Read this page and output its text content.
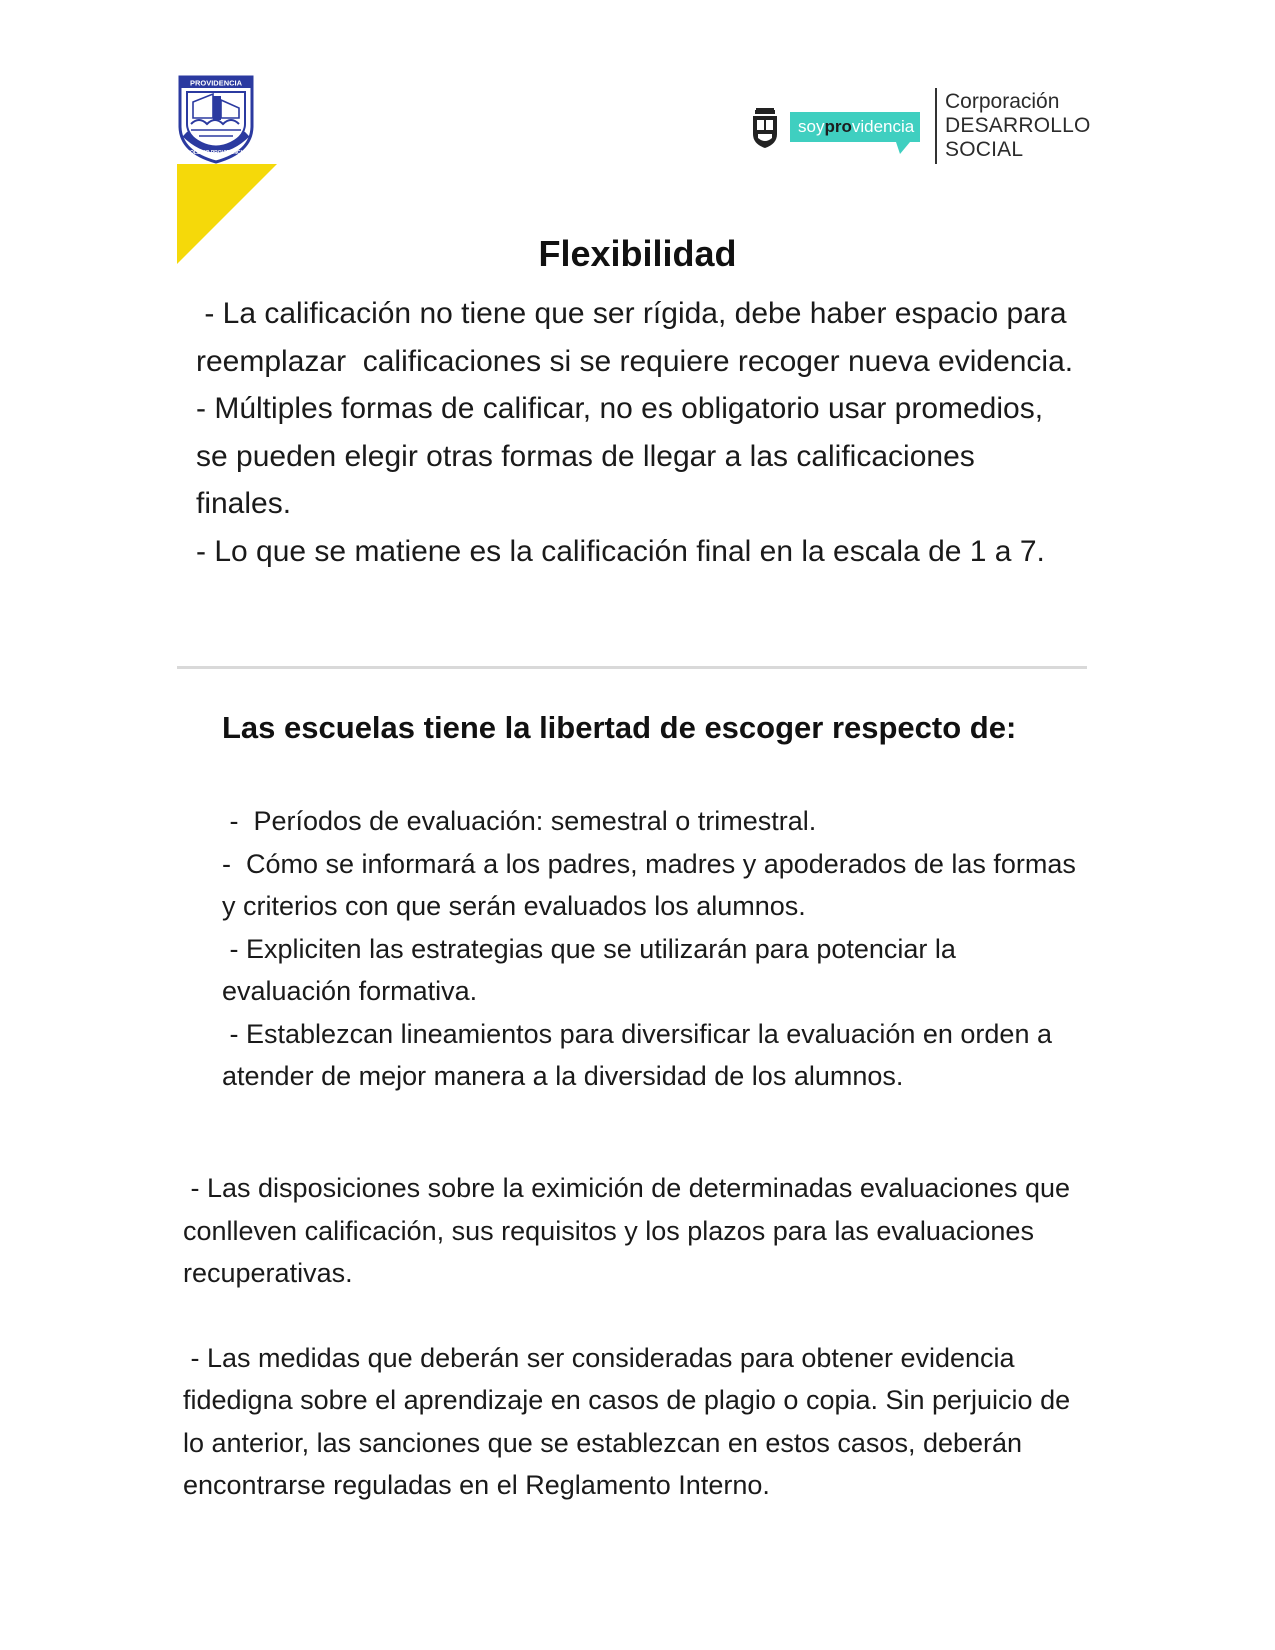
PROVIDENCIA
COLEGIO PROVIDENCIA
soyprovidencia
Corporación
DESARROLLO
SOCIAL
Flexibilidad

- La calificación no tiene que ser rígida, debe haber espacio para reemplazar  calificaciones si se requiere recoger nueva evidencia.

- Múltiples formas de calificar, no es obligatorio usar promedios, se pueden elegir otras formas de llegar a las calificaciones finales.

- Lo que se matiene es la calificación final en la escala de 1 a 7.

Las escuelas tiene la libertad de escoger respecto de:

-  Períodos de evaluación: semestral o trimestral.

-  Cómo se informará a los padres, madres y apoderados de las formas y criterios con que serán evaluados los alumnos.

- Expliciten las estrategias que se utilizarán para potenciar la evaluación formativa.

- Establezcan lineamientos para diversificar la evaluación en orden a atender de mejor manera a la diversidad de los alumnos.

- Las disposiciones sobre la eximición de determinadas evaluaciones que conlleven calificación, sus requisitos y los plazos para las evaluaciones recuperativas.

- Las medidas que deberán ser consideradas para obtener evidencia fidedigna sobre el aprendizaje en casos de plagio o copia. Sin perjuicio de lo anterior, las sanciones que se establezcan en estos casos, deberán encontrarse reguladas en el Reglamento Interno.
